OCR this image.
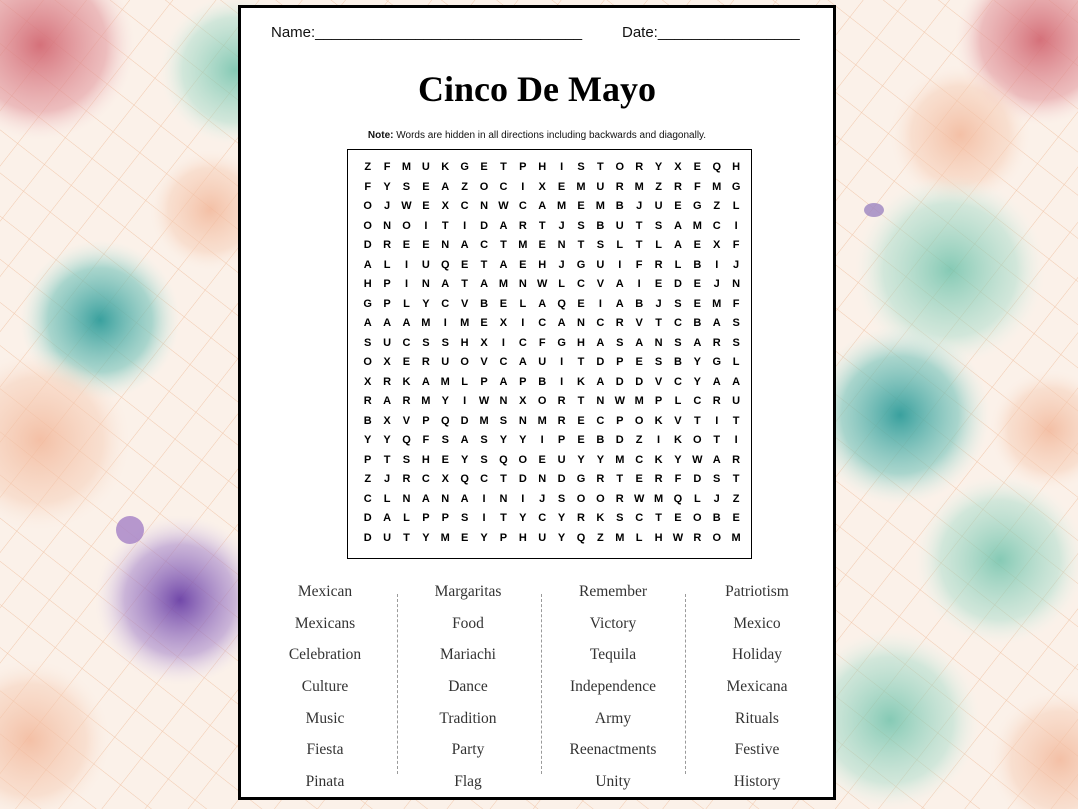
Name:________________________________	Date:_________________
Cinco De Mayo
Note: Words are hidden in all directions including backwards and diagonally.
Z	F	M U	K	G	E	T	P	H	I	S	T	O	R	Y	X	E	Q	H
F	Y	S	E	A	Z	O	C	I	X	E	M U	R M	Z	R	F	M G
O	J	W E	X	C	N W C	A M	E	M B	J	U	E	G	Z	L
O	N	O	I	T	I	D	A	R	T	J	S	B	U	T	S	A M C	I
D	R	E	E	N	A	C	T	M	E	N	T	S	L	T	L	A	E	X	F
A	L	I	U	Q	E	T	A	E	H	J	G	U	I	F	R	L	B	I	J
H	P	I	N	A	T	A M N W L	C	V	A	I	E	D	E	J	N
G	P	L	Y	C	V	B	E	L	A	Q	E	I	A	B	J	S	E	M	F
A	A	A M	I	M	E	X	I	C	A	N	C	R	V	T	C	B	A	S
S	U	C	S	S	H	X	I	C	F	G	H	A	S	A	N	S	A	R	S
O	X	E	R	U	O	V	C	A	U	I	T	D	P	E	S	B	Y	G	L
X	R	K	A M	L	P	A	P	B	I	K	A	D	D	V	C	Y	A	A
R	A	R M	Y	I	W N	X	O	R	T	N W M	P	L	C	R	U
B	X	V	P	Q	D M	S	N M R	E	C	P	O	K	V	T	I	T
Y	Y	Q	F	S	A	S	Y	Y	I	P	E	B	D	Z	I	K	O	T	I
P	T	S	H	E	Y	S	Q O	E	U	Y	Y	M C	K	Y W A	R
Z	J	R	C	X	Q	C	T	D	N	D	G	R	T	E	R	F	D	S	T
C	L	N	A	N	A	I	N	I	J	S	O O	R W M Q	L	J	Z
D	A	L	P	P	S	I	T	Y	C	Y	R	K	S	C	T	E	O	B	E
D	U	T	Y	M	E	Y	P	H	U	Y	Q	Z	M	L	H W R	O M
Mexican
Mexicans
Celebration
Culture
Music
Fiesta
Pinata
Margaritas
Food
Mariachi
Dance
Tradition
Party
Flag
Remember
Victory
Tequila
Independence
Army
Reenactments
Unity
Patriotism
Mexico
Holiday
Mexicana
Rituals
Festive
History
